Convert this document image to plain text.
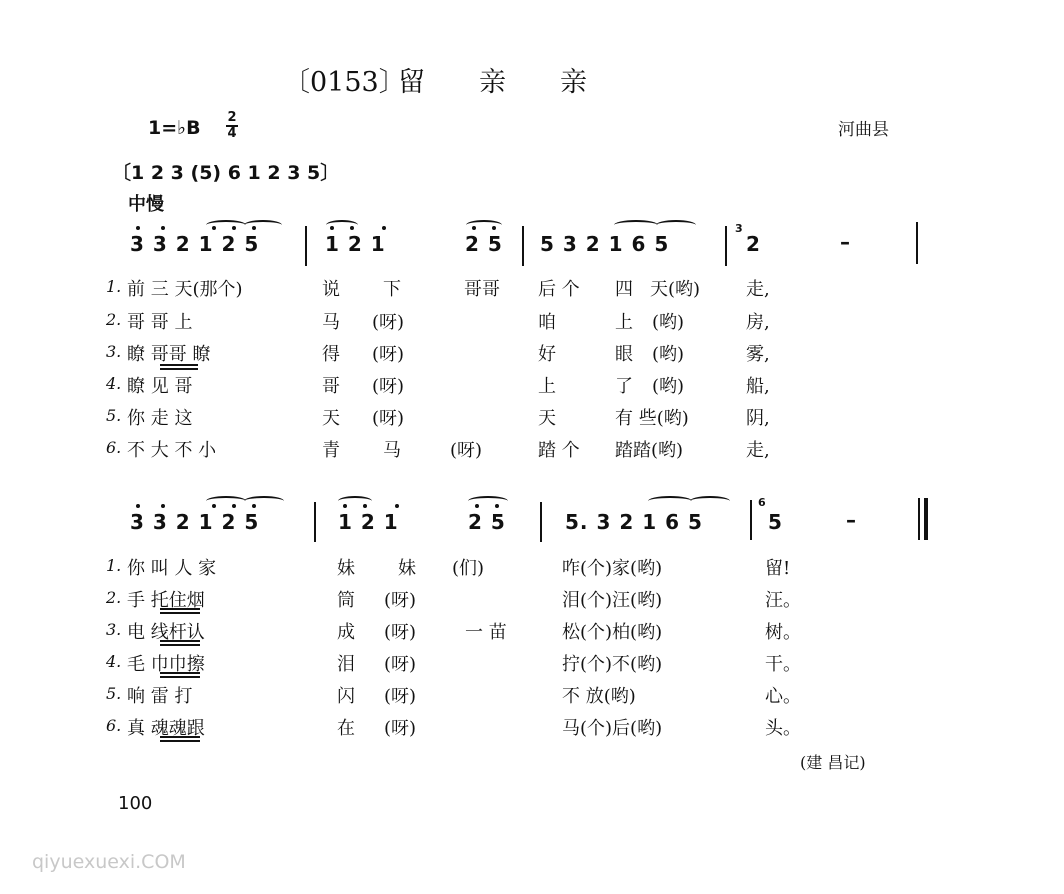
〔0153〕
留　　亲　　亲
1=♭B 2
4	河曲县
〔1 2 3 (5) 6 1 2 3 5〕
中慢
3 3 2 1 2 5	1 2 1	2 5 5 3 2 1 6 5
3
2	–
1. 前 三 天(那个)	说 下	哥哥 后 个 四 天(哟)	走,
2. 哥 哥 上	马 (呀)	咱	上 (哟)	房,
3. 瞭 哥哥 瞭	得 (呀)	好	眼 (哟)	雾,
4. 瞭 见 哥	哥 (呀)	上	了 (哟)	船,
5. 你 走 这	天 (呀)	天	有 些(哟)	阴,
6. 不 大 不 小	青 马	(呀)	踏 个 踏踏(哟)	走,
3 3 2 1 2 5	1 2 1	2 5	5. 3 2 1 6 5
6
5	–
1. 你 叫 人 家	妹 妹 (们)	咋(个)家(哟)	留!
2. 手 托住烟	筒 (呀)	泪(个)汪(哟)	汪。
3. 电 线杆认	成 (呀)	一 苗	松(个)柏(哟)	树。
4. 毛 巾巾擦	泪 (呀)	拧(个)不(哟)	干。
5. 响 雷 打	闪 (呀)	不 放(哟)	心。
6. 真 魂魂跟	在 (呀)	马(个)后(哟)	头。
(建 昌记)
100
qiyuexuexi.COM
